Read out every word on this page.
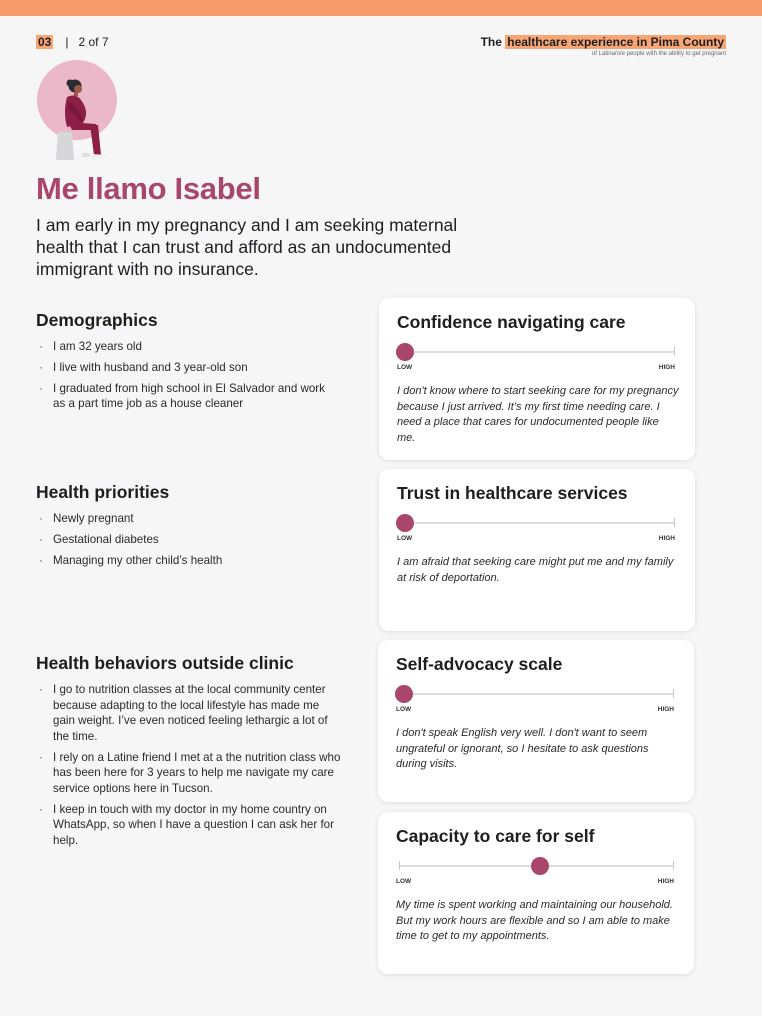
03 | 2 of 7	The healthcare experience in Pima County
of Latina/o/e people with the ability to get pregnant
Me llamo Isabel

I am early in my pregnancy and I am seeking maternal health that I can trust and afford as an undocumented immigrant with no insurance.

Demographics
· I am 32 years old
· I live with husband and 3 year-old son
· I graduated from high school in El Salvador and work as a part time job as a house cleaner
Health priorities
· Newly pregnant
· Gestational diabetes
· Managing my other child’s health
Health behaviors outside clinic
· I go to nutrition classes at the local community center because adapting to the local lifestyle has made me gain weight. I’ve even noticed feeling lethargic a lot of the time.
· I rely on a Latine friend I met at a the nutrition class who has been here for 3 years to help me navigate my care service options here in Tucson.
· I keep in touch with my doctor in my home country on WhatsApp, so when I have a question I can ask her for help.
Confidence navigating care
LOW	HIGH
I don't know where to start seeking care for my pregnancy because I just arrived. It’s my first time needing care. I need a place that cares for undocumented people like me.
Trust in healthcare services
LOW	HIGH
I am afraid that seeking care might put me and my family at risk of deportation.
Self-advocacy scale
LOW	HIGH
I don't speak English very well. I don't want to seem ungrateful or ignorant, so I hesitate to ask questions during visits.
Capacity to care for self
LOW	HIGH
My time is spent working and maintaining our household. But my work hours are flexible and so I am able to make time to get to my appointments.
